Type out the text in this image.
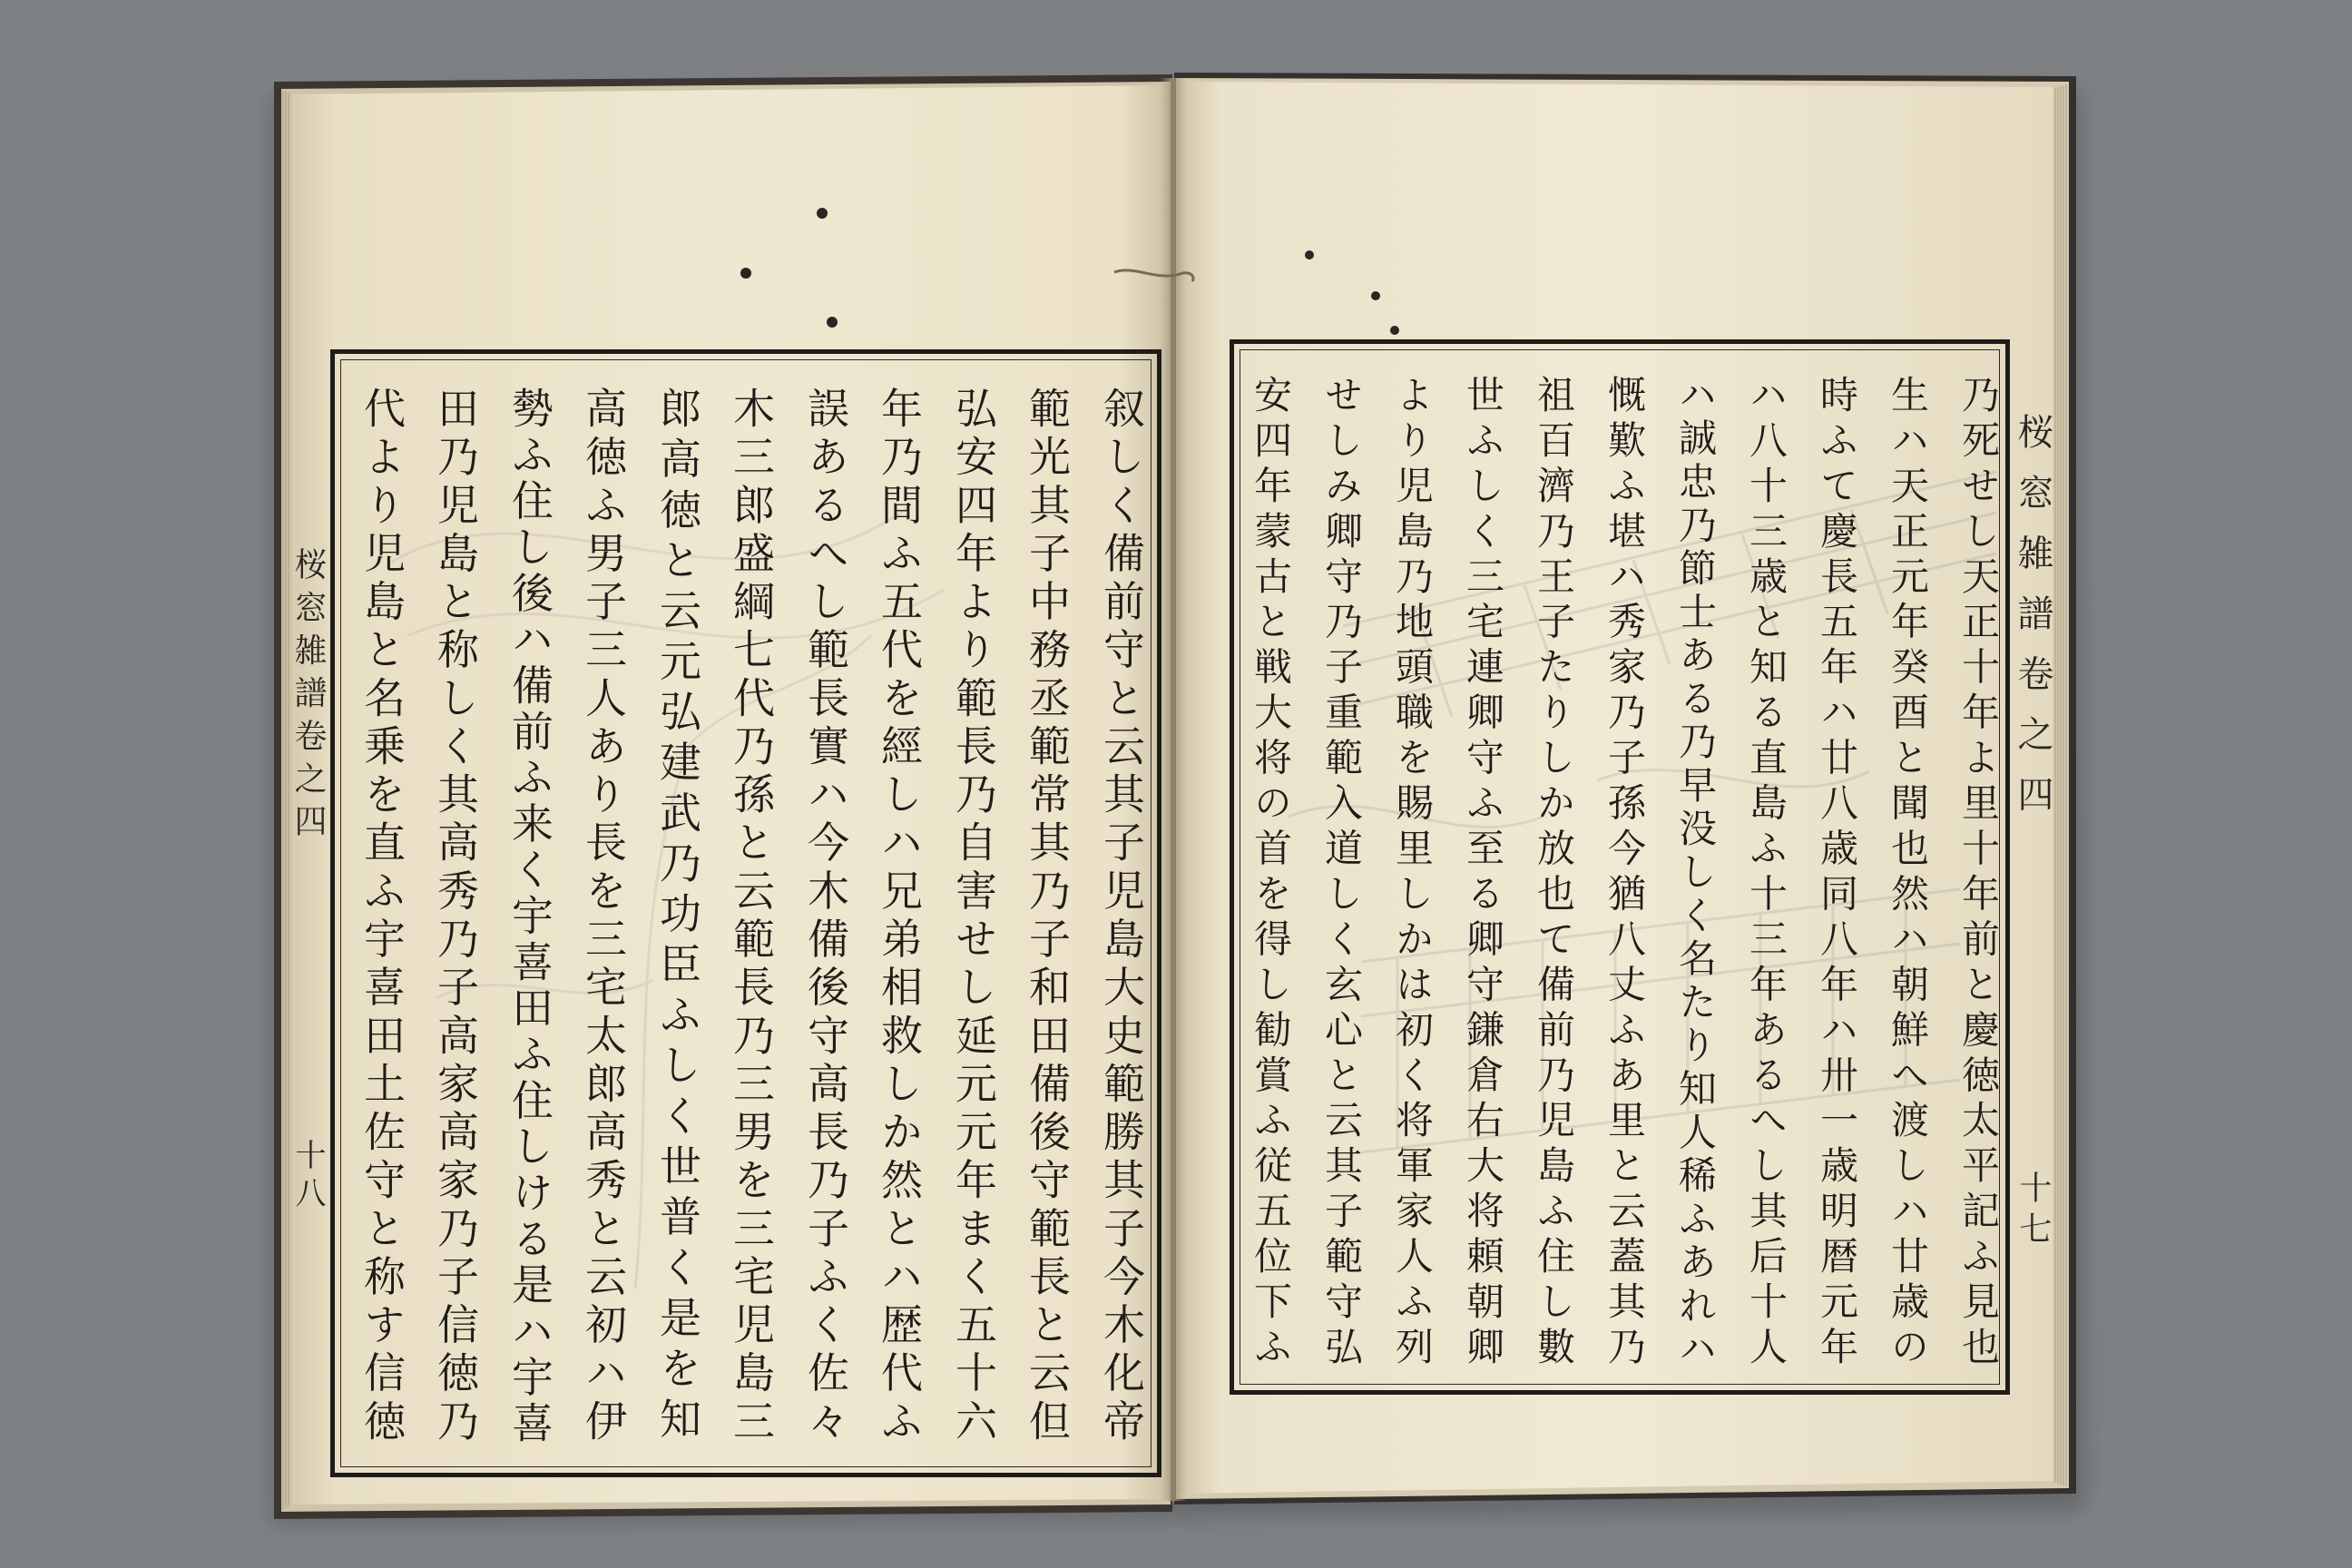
桜窓雑譜卷之四
十八	叙しく備前守と云其子児島大史範勝其子今木化帝
範光其子中務丞範常其乃子和田備後守範長と云但
弘安四年より範長乃自害せし延元元年まく五十六
年乃間ふ五代を經しハ兄弟相救しか然とハ歴代ふ
誤あるへし範長實ハ今木備後守高長乃子ふく佐々
木三郎盛綱七代乃孫と云範長乃三男を三宅児島三
郎高徳と云元弘建武乃功臣ふしく世普く是を知
高徳ふ男子三人あり長を三宅太郎高秀と云初ハ伊
勢ふ住し後ハ備前ふ来く宇喜田ふ住しける是ハ宇喜
田乃児島と称しく其高秀乃子高家高家乃子信徳乃
代より児島と名乗を直ふ宇喜田土佐守と称す信徳	桜窓雑譜卷之四
十七
乃死せし天正十年よ里十年前と慶徳太平記ふ見也
生ハ天正元年癸酉と聞也然ハ朝鮮へ渡しハ廿歳の
時ふて慶長五年ハ廿八歳同八年ハ卅一歳明暦元年
ハ八十三歳と知る直島ふ十三年あるへし其后十人
ハ誠忠乃節士ある乃早没しく名たり知人稀ふあれハ
慨歎ふ堪ハ秀家乃子孫今猶八丈ふあ里と云蓋其乃
祖百濟乃王子たりしか放也て備前乃児島ふ住し數
世ふしく三宅連卿守ふ至る卿守鎌倉右大将頼朝卿
より児島乃地頭職を賜里しかは初く将軍家人ふ列
せしみ卿守乃子重範入道しく玄心と云其子範守弘
安四年蒙古と戦大将の首を得し勧賞ふ従五位下ふ
